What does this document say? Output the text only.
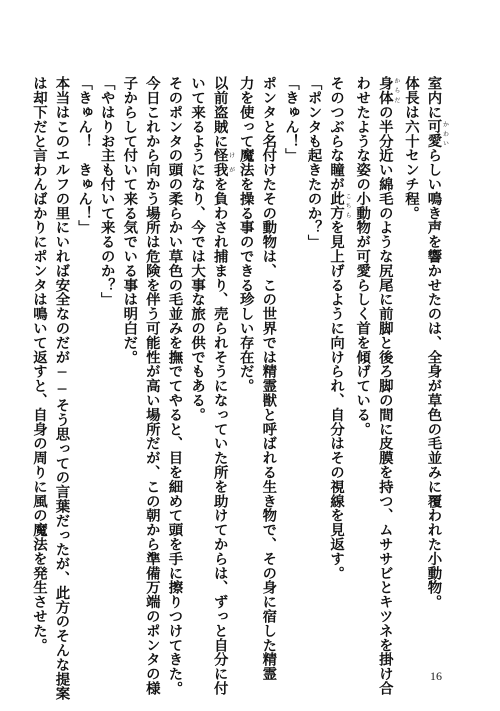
室内に可愛 かわいらしい鳴き声を響かせたのは、全身が草色の毛並みに覆われた小動物。
体長は六十センチ程。
身体 からだの半分近い綿毛のような尻尾に前脚と後ろ脚の間に皮膜を持つ、ムササビとキツネを掛け合
わせたような姿の小動物が可愛らしく首を傾げている。
そのつぶらな瞳が此方 こちらを見上げるように向けられ、自分はその視線を見返す。
「ポンタも起きたのか？」
「きゅん！」
ポンタと名付けたその動物は、この世界では精霊獣と呼ばれる生き物で、その身に宿した精霊
力を使って魔法を操る事のできる珍しい存在だ。
以前盗賊に怪我 けがを負わされ捕まり、売られそうになっていた所を助けてからは、ずっと自分に付
いて来るようになり、今では大事な旅の供でもある。
そのポンタの頭の柔らかい草色の毛並みを撫でてやると、目を細めて頭を手に擦りつけてきた。
今日これから向かう場所は危険を伴う可能性が高い場所だが、この朝から準備万端のポンタの様
子からして付いて来る気でいる事は明白だ。
「やはりお主も付いて来るのか？」
「きゅん！　きゅん！」
本当はこのエルフの里にいれば安全なのだが──そう思っての言葉だったが、此方のそんな提案
は却下だと言わんばかりにポンタは鳴いて返すと、自身の周りに風の魔法を発生させた。
16
